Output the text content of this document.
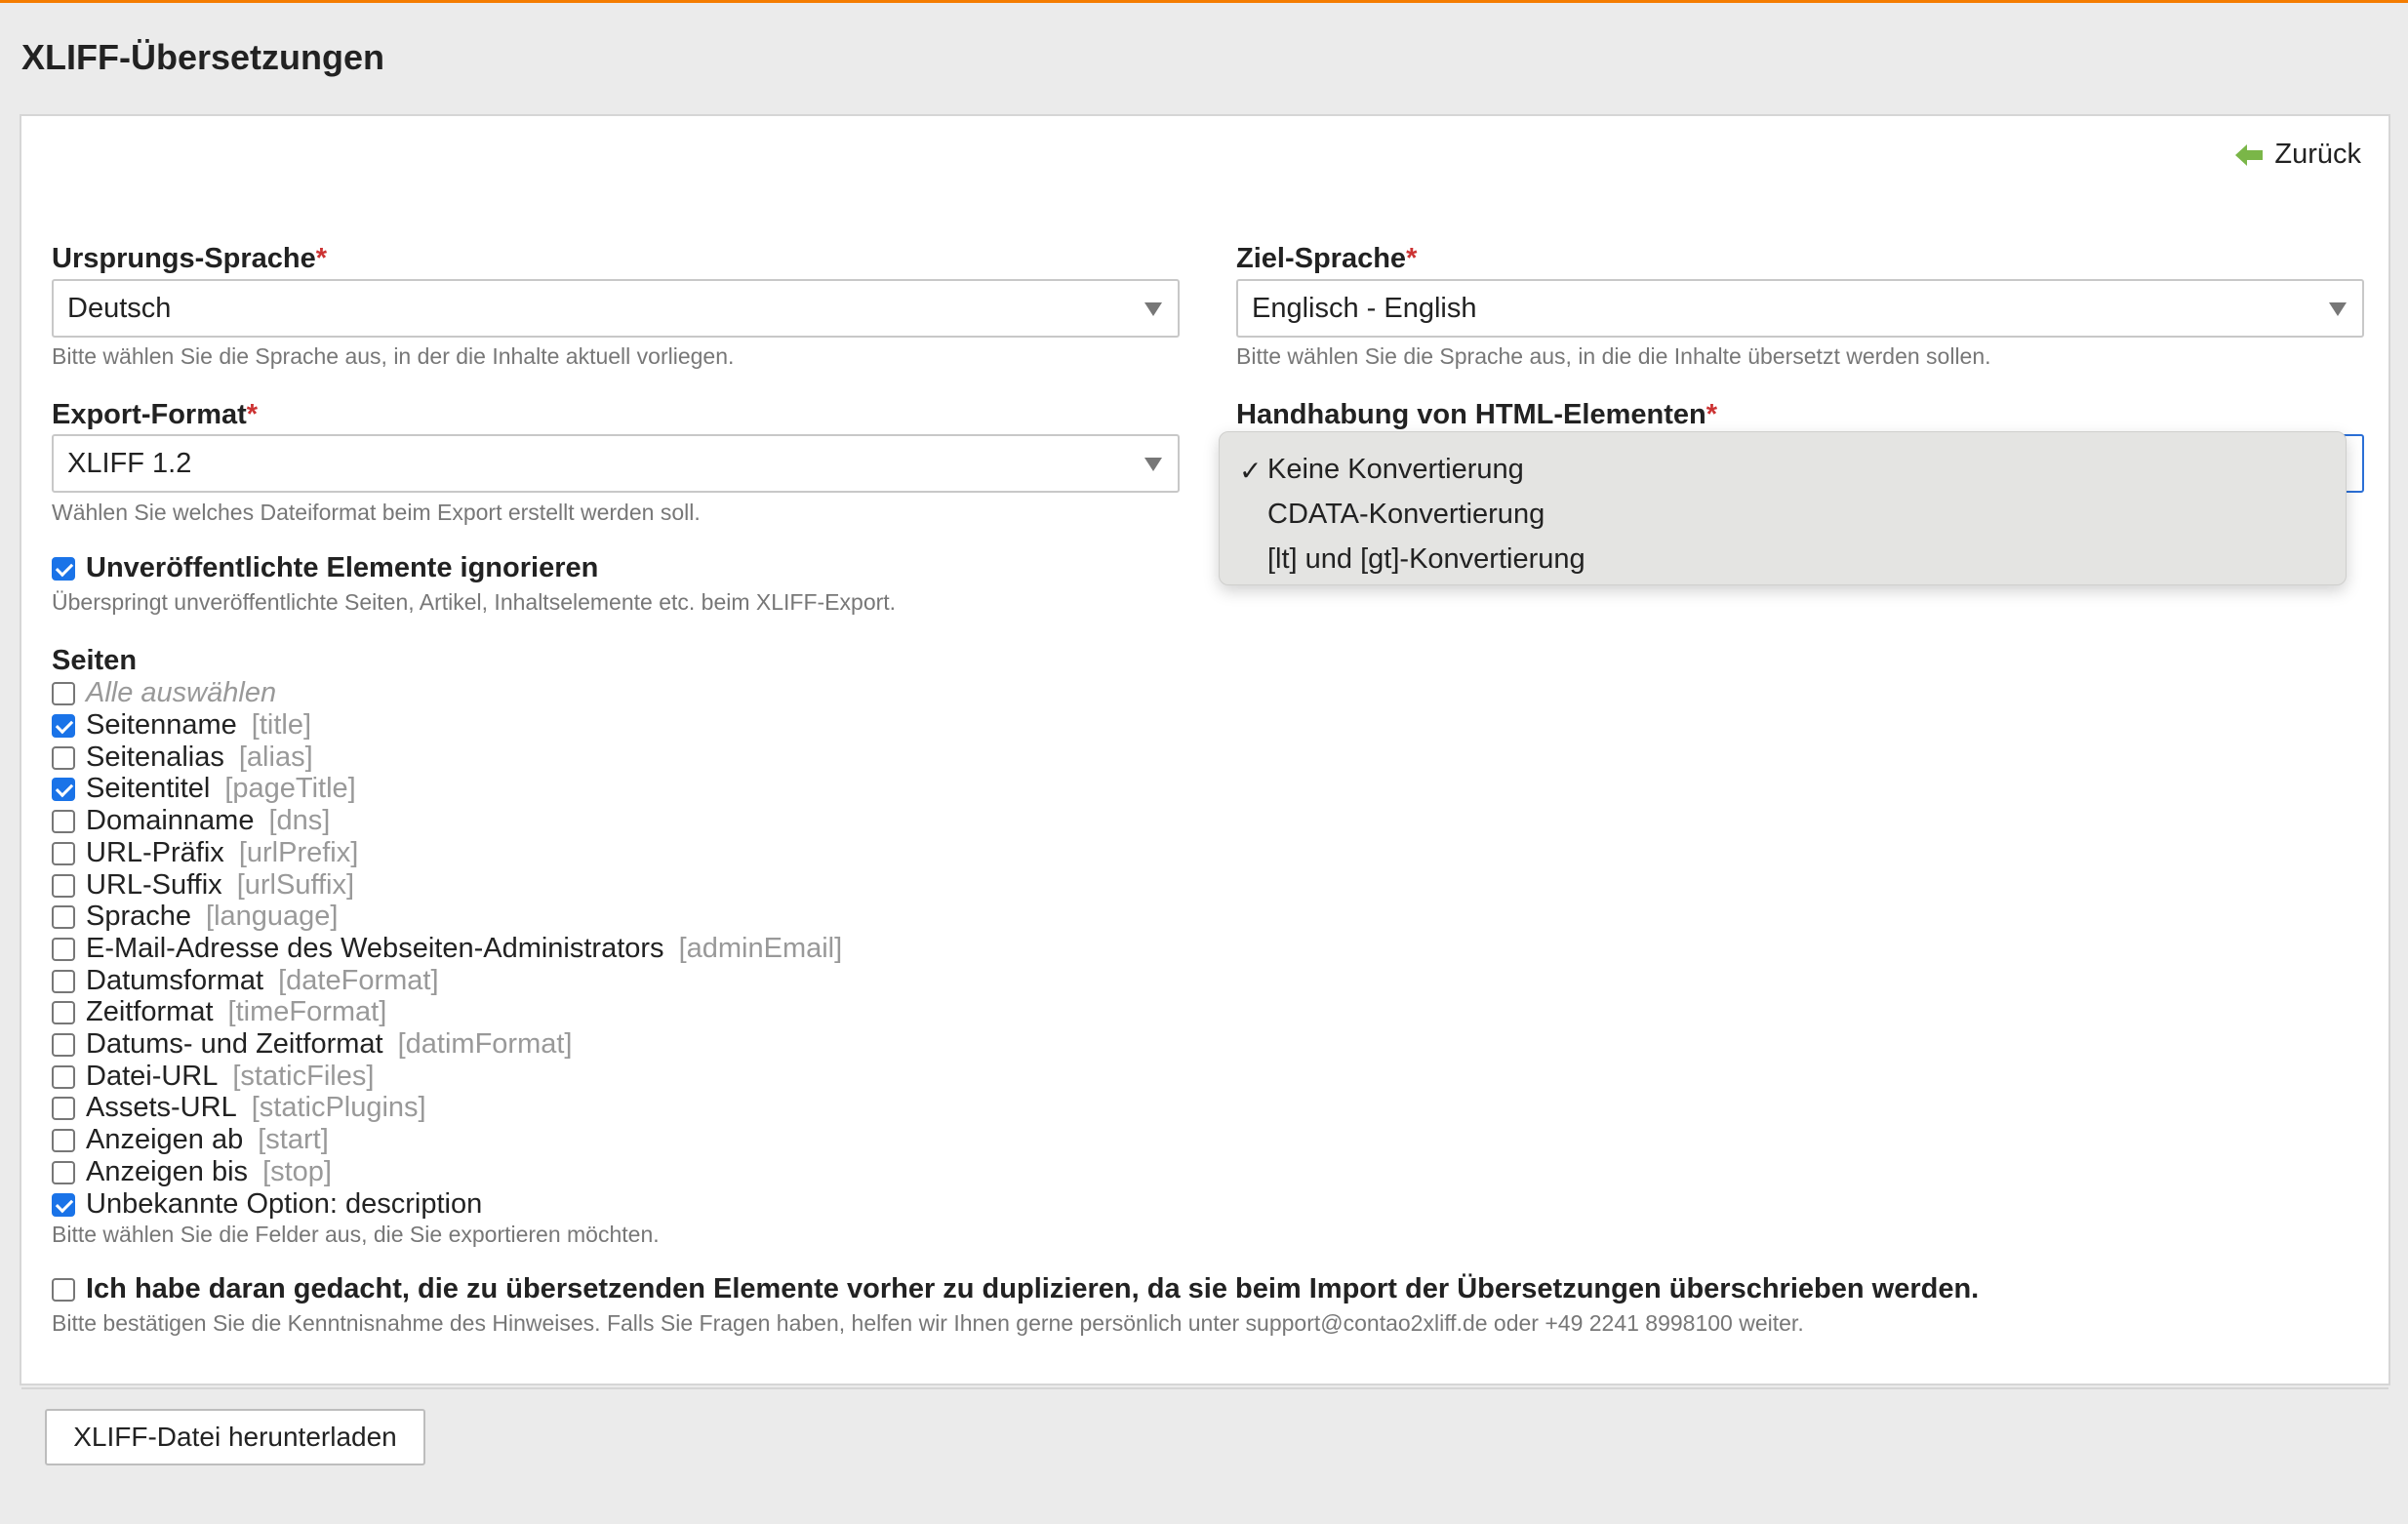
XLIFF-Übersetzungen
Zurück
Ursprungs-Sprache*
Deutsch
Bitte wählen Sie die Sprache aus, in der die Inhalte aktuell vorliegen.
Ziel-Sprache*
Englisch - English
Bitte wählen Sie die Sprache aus, in die die Inhalte übersetzt werden sollen.
Export-Format*
XLIFF 1.2
Wählen Sie welches Dateiformat beim Export erstellt werden soll.
Handhabung von HTML-Elementen*
Unveröffentlichte Elemente ignorieren
Überspringt unveröffentlichte Seiten, Artikel, Inhaltselemente etc. beim XLIFF-Export.
Seiten
Alle auswählen
Seitenname [title]
Seitenalias [alias]
Seitentitel [pageTitle]
Domainname [dns]
URL-Präfix [urlPrefix]
URL-Suffix [urlSuffix]
Sprache [language]
E-Mail-Adresse des Webseiten-Administrators [adminEmail]
Datumsformat [dateFormat]
Zeitformat [timeFormat]
Datums- und Zeitformat [datimFormat]
Datei-URL [staticFiles]
Assets-URL [staticPlugins]
Anzeigen ab [start]
Anzeigen bis [stop]
Unbekannte Option: description
Bitte wählen Sie die Felder aus, die Sie exportieren möchten.
Ich habe daran gedacht, die zu übersetzenden Elemente vorher zu duplizieren, da sie beim Import der Übersetzungen überschrieben werden.
Bitte bestätigen Sie die Kenntnisnahme des Hinweises. Falls Sie Fragen haben, helfen wir Ihnen gerne persönlich unter support@contao2xliff.de oder +49 2241 8998100 weiter.
XLIFF-Datei herunterladen
✓ Keine Konvertierung
CDATA-Konvertierung
[lt] und [gt]-Konvertierung
